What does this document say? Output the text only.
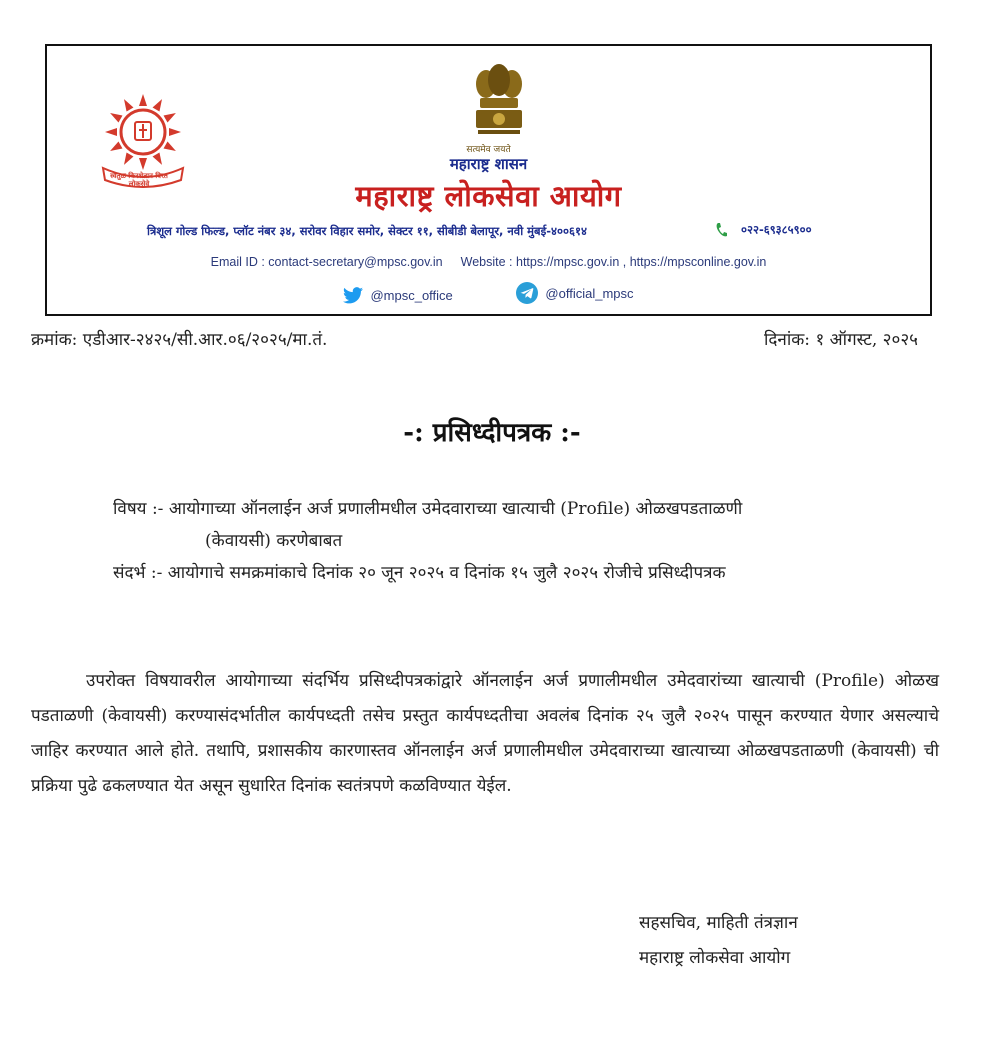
सत्यमेव जयते
महाराष्ट्र शासन
महाराष्ट्र लोकसेवा आयोग
त्रिशूल गोल्ड फिल्ड, प्लॉट नंबर ३४, सरोवर विहार समोर, सेक्टर ११, सीबीडी बेलापूर, नवी मुंबई-४००६१४	०२२-६९३८५९००
Email ID : contact-secretary@mpsc.gov.in Website : https://mpsc.gov.in , https://mpsconline.gov.in
@mpsc_office
	@official_mpsc
स्वतुळ किरशेतान विरत लोकसेवे
क्रमांक: एडीआर-२४२५/सी.आर.०६/२०२५/मा.तं.	दिनांक: १ ऑगस्ट, २०२५
-: प्रसिध्दीपत्रक :-
विषय :- आयोगाच्या ऑनलाईन अर्ज प्रणालीमधील उमेदवाराच्या खात्याची (Profile) ओळखपडताळणी
(केवायसी) करणेबाबत
संदर्भ :- आयोगाचे समक्रमांकाचे दिनांक २० जून २०२५ व दिनांक १५ जुलै २०२५ रोजीचे प्रसिध्दीपत्रक
उपरोक्त विषयावरील आयोगाच्या संदर्भिय प्रसिध्दीपत्रकांद्वारे ऑनलाईन अर्ज प्रणालीमधील उमेदवारांच्या खात्याची (Profile) ओळख पडताळणी (केवायसी) करण्यासंदर्भातील कार्यपध्दती तसेच प्रस्तुत कार्यपध्दतीचा अवलंब दिनांक २५ जुलै २०२५ पासून करण्यात येणार असल्याचे जाहिर करण्यात आले होते. तथापि, प्रशासकीय कारणास्तव ऑनलाईन अर्ज प्रणालीमधील उमेदवाराच्या खात्याच्या ओळखपडताळणी (केवायसी) ची प्रक्रिया पुढे ढकलण्यात येत असून सुधारित दिनांक स्वतंत्रपणे कळविण्यात येईल.
सहसचिव, माहिती तंत्रज्ञान
महाराष्ट्र लोकसेवा आयोग
